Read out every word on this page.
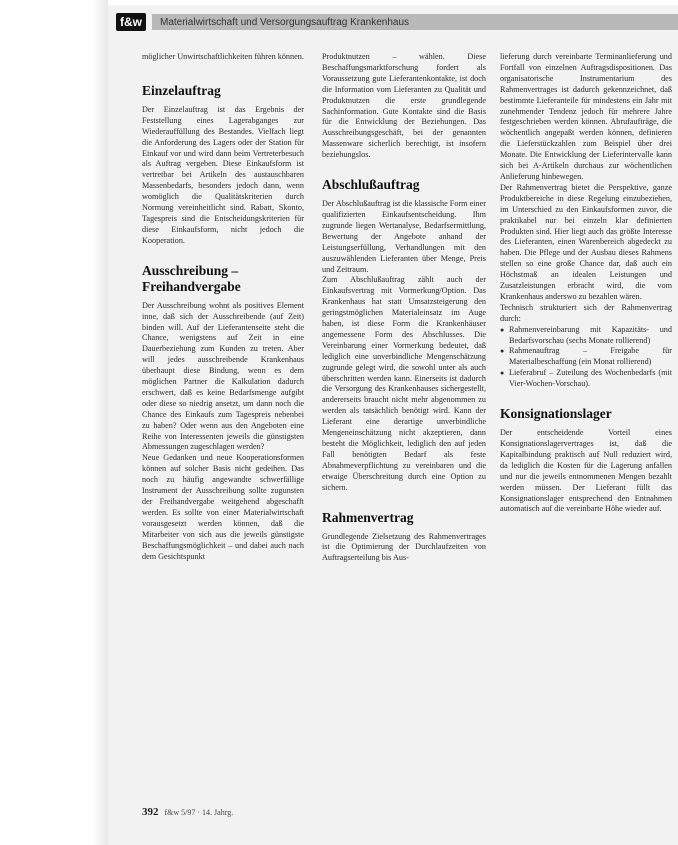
f&w	Materialwirtschaft und Versorgungsauftrag Krankenhaus

möglicher Unwirtschaftlichkeiten führen können.

Einzelauftrag

Der Einzelauftrag ist das Ergebnis der Feststellung eines Lagerabganges zur Wiederauffüllung des Bestandes. Vielfach liegt die Anforderung des Lagers oder der Station für Einkauf vor und wird dann beim Vertreterbesuch als Auftrag vergeben. Diese Einkaufsform ist vertretbar bei Artikeln des austauschbaren Massenbedarfs, besonders jedoch dann, wenn womöglich die Qualitätskriterien durch Normung vereinheitlicht sind. Rabatt, Skonto, Tagespreis sind die Entscheidungskriterien für diese Einkaufsform, nicht jedoch die Kooperation.

Ausschreibung –
Freihandvergabe

Der Ausschreibung wohnt als positives Element inne, daß sich der Ausschreibende (auf Zeit) binden will. Auf der Lieferantenseite steht die Chance, wenigstens auf Zeit in eine Dauerbeziehung zum Kunden zu treten. Aber will jedes ausschreibende Krankenhaus überhaupt diese Bindung, wenn es dem möglichen Partner die Kalkulation dadurch erschwert, daß es keine Bedarfsmenge aufgibt oder diese so niedrig ansetzt, um dann noch die Chance des Einkaufs zum Tagespreis nebenbei zu haben? Oder wenn aus den Angeboten eine Reihe von Interessenten jeweils die günstigsten Abmessungen zugeschlagen werden?

Neue Gedanken und neue Kooperationsformen können auf solcher Basis nicht gedeihen. Das noch zu häufig angewandte schwerfällige Instrument der Ausschreibung sollte zugunsten der Freihandvergabe weitgehend abgeschafft werden. Es sollte von einer Materialwirtschaft vorausgesetzt werden können, daß die Mitarbeiter von sich aus die jeweils günstigste Beschaffungsmöglichkeit – und dabei auch nach dem Gesichtspunkt

Produktnutzen – wählen. Diese Beschaffungsmarktforschung fordert als Voraussetzung gute Lieferantenkontakte, ist doch die Information vom Lieferanten zu Qualität und Produktnutzen die erste grundlegende Sachinformation. Gute Kontakte sind die Basis für die Entwicklung der Beziehungen. Das Ausschreibungsgeschäft, bei der genannten Massenware sicherlich berechtigt, ist insofern beziehungslos.

Abschlußauftrag

Der Abschlußauftrag ist die klassische Form einer qualifizierten Einkaufsentscheidung. Ihm zugrunde liegen Wertanalyse, Bedarfsermittlung, Bewertung der Angebote anhand der Leistungserfüllung, Verhandlungen mit den auszuwählenden Lieferanten über Menge, Preis und Zeitraum.

Zum Abschlußauftrag zählt auch der Einkaufsvertrag mit Vormerkung/Option. Das Krankenhaus hat statt Umsatzsteigerung den geringstmöglichen Materialeinsatz im Auge haben, ist diese Form die Krankenhäuser angemessene Form des Abschlusses. Die Vereinbarung einer Vormerkung bedeutet, daß lediglich eine unverbindliche Mengenschätzung zugrunde gelegt wird, die sowohl unter als auch überschritten werden kann. Einerseits ist dadurch die Versorgung des Krankenhauses sichergestellt, andererseits braucht nicht mehr abgenommen zu werden als tatsächlich benötigt wird. Kann der Lieferant eine derartige unverbindliche Mengeneinschätzung nicht akzeptieren, dann besteht die Möglichkeit, lediglich den auf jeden Fall benötigten Bedarf als feste Abnahmeverpflichtung zu vereinbaren und die etwaige Überschreitung durch eine Option zu sichern.

Rahmenvertrag

Grundlegende Zielsetzung des Rahmenvertrages ist die Optimierung der Durchlaufzeiten von Auftragserteilung bis Aus-

lieferung durch vereinbarte Terminanlieferung und Fortfall von einzelnen Auftragsdispositionen. Das organisatorische Instrumentarium des Rahmenvertrages ist dadurch gekennzeichnet, daß bestimmte Lieferanteile für mindestens ein Jahr mit zunehmender Tendenz jedoch für mehrere Jahre festgeschrieben werden können. Abrufaufträge, die wöchentlich angepaßt werden können, definieren die Lieferstückzahlen zum Beispiel über drei Monate. Die Entwicklung der Lieferintervalle kann sich bei A-Artikeln durchaus zur wöchentlichen Anlieferung hinbewegen.

Der Rahmenvertrag bietet die Perspektive, ganze Produktbereiche in diese Regelung einzubeziehen, im Unterschied zu den Einkaufsformen zuvor, die praktikabel nur bei einzeln klar definierten Produkten sind. Hier liegt auch das größte Interesse des Lieferanten, einen Warenbereich abgedeckt zu haben. Die Pflege und der Ausbau dieses Rahmens stellen so eine große Chance dar, daß auch ein Höchstmaß an idealen Leistungen und Zusatzleistungen erbracht wird, die vom Krankenhaus anderswo zu bezahlen wären.

Technisch strukturiert sich der Rahmenvertrag durch:

● Rahmenvereinbarung mit Kapazitäts- und Bedarfsvorschau (sechs Monate rollierend)
● Rahmenauftrag – Freigabe für Materialbeschaffung (ein Monat rollierend)
● Lieferabruf – Zuteilung des Wochenbedarfs (mit Vier-Wochen-Vorschau).
Konsignationslager

Der entscheidende Vorteil eines Konsignationslagervertrages ist, daß die Kapitalbindung praktisch auf Null reduziert wird, da lediglich die Kosten für die Lagerung anfallen und nur die jeweils entnommenen Mengen bezahlt werden müssen. Der Lieferant füllt das Konsignationslager entsprechend den Entnahmen automatisch auf die vereinbarte Höhe wieder auf.

392 f&w 5/97 · 14. Jahrg.
